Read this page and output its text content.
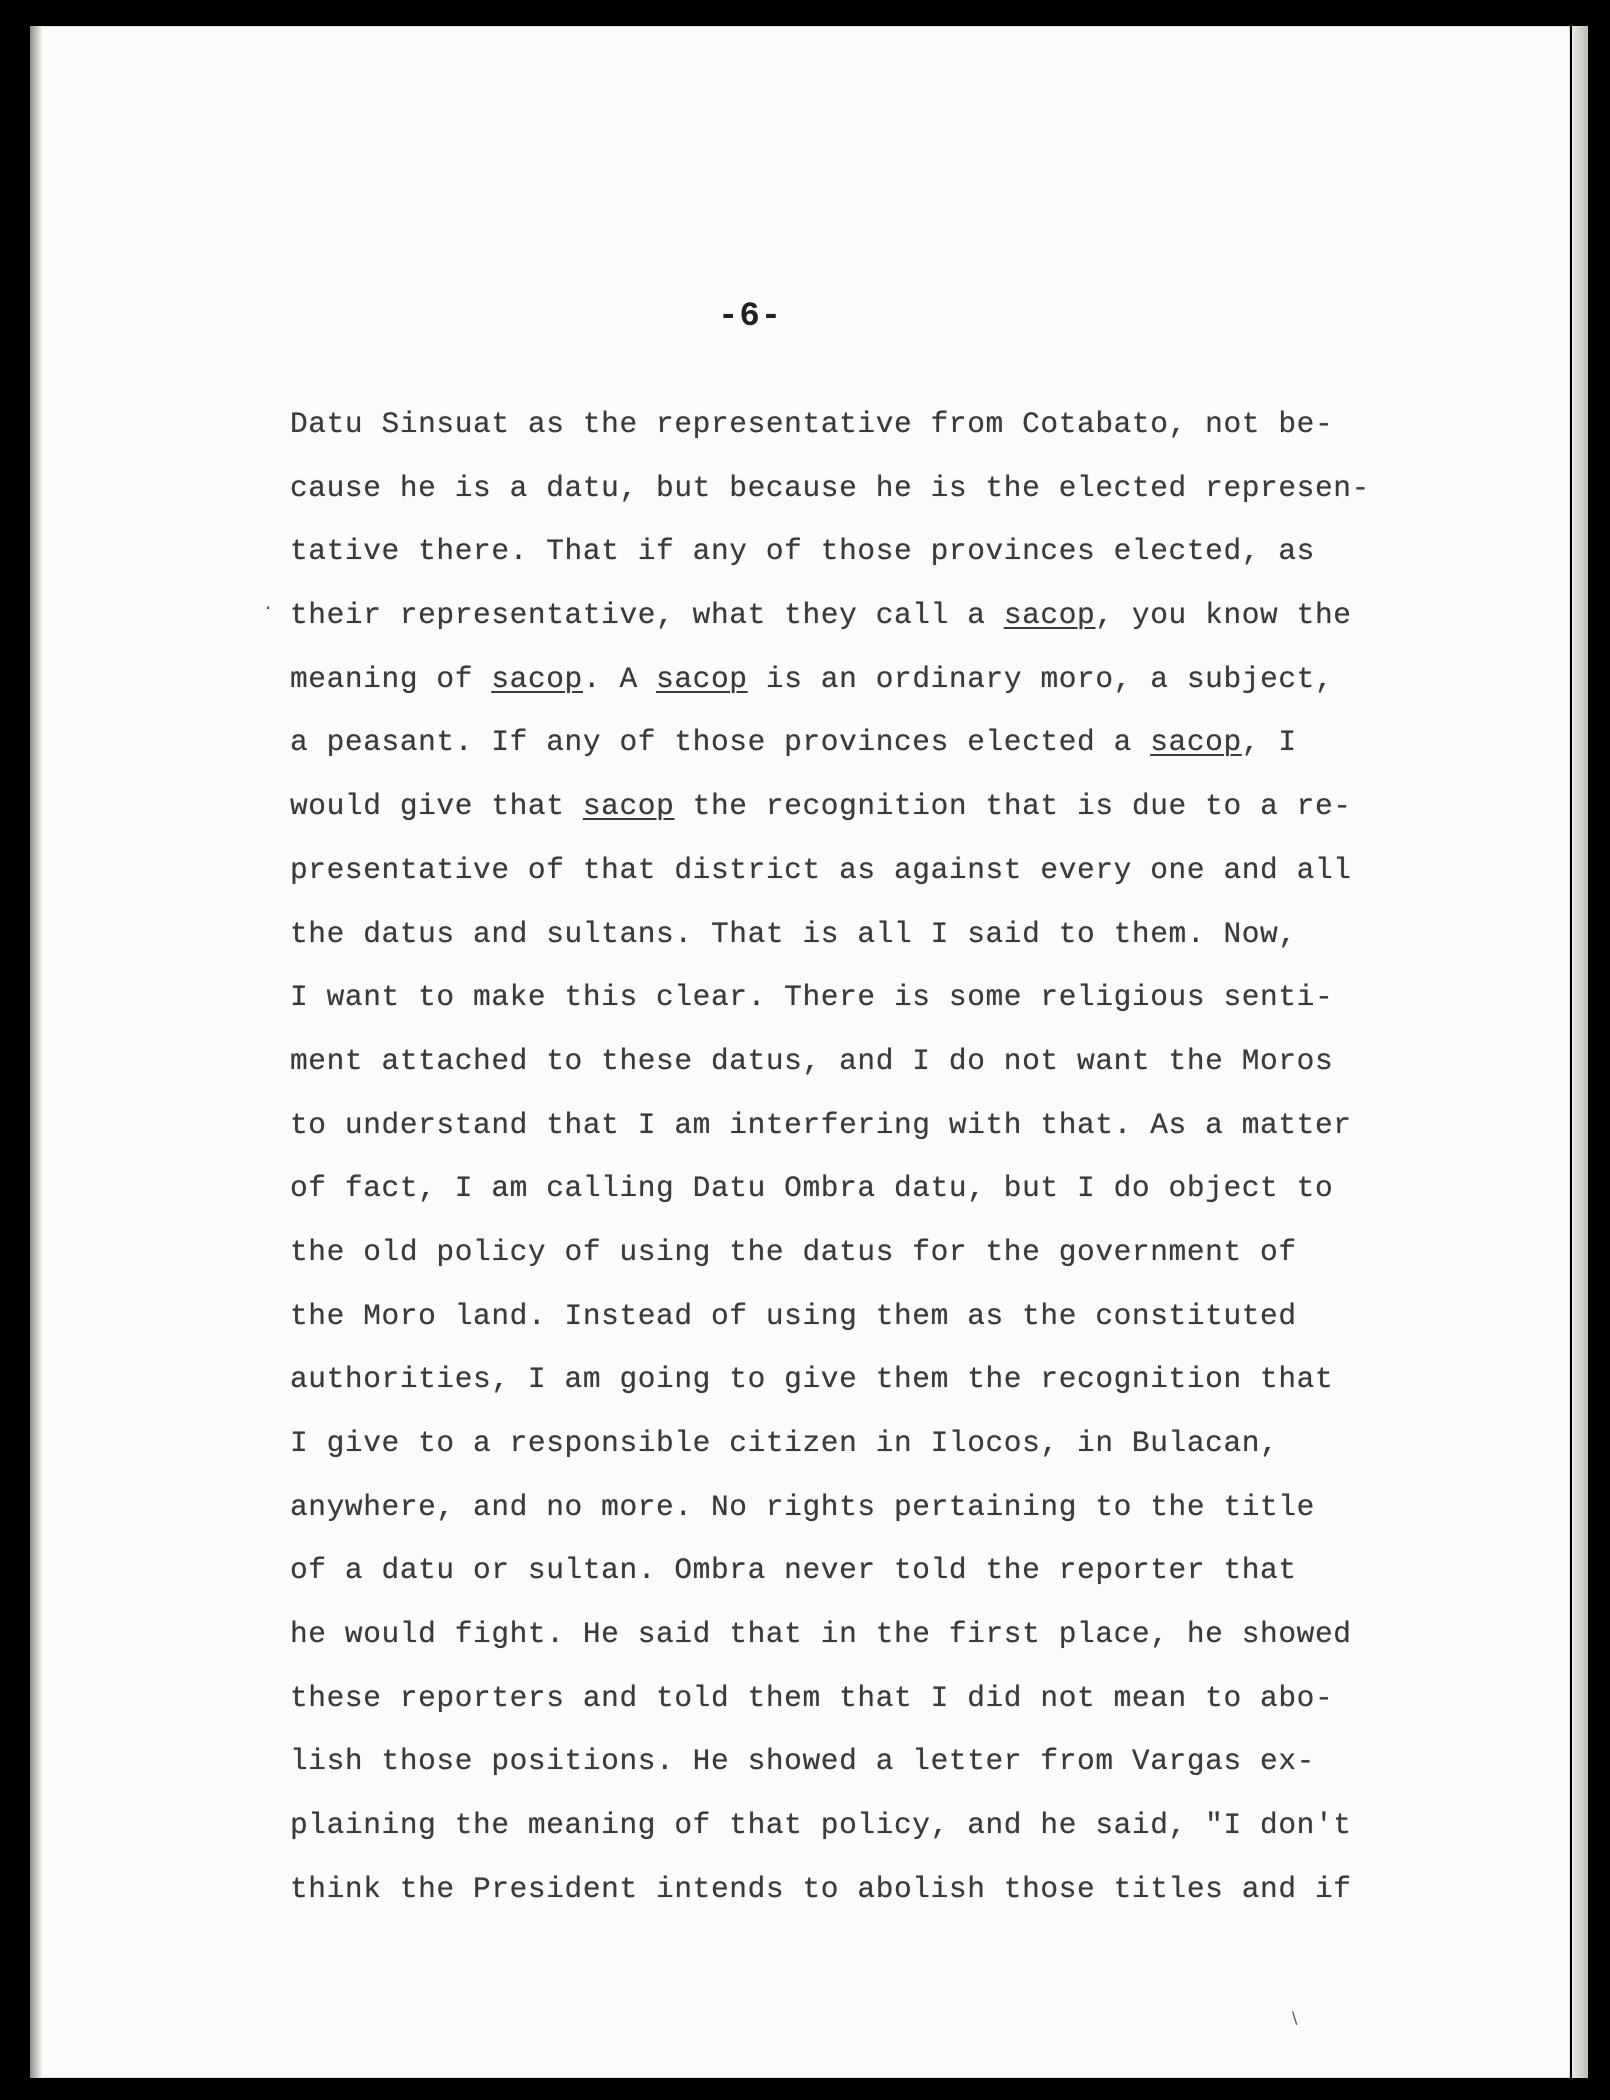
-6-
Datu Sinsuat as the representative from Cotabato, not be-
cause he is a datu, but because he is the elected represen-
tative there. That if any of those provinces elected, as
their representative, what they call a sacop, you know the
meaning of sacop. A sacop is an ordinary moro, a subject,
a peasant. If any of those provinces elected a sacop, I
would give that sacop the recognition that is due to a re-
presentative of that district as against every one and all
the datus and sultans. That is all I said to them. Now,
I want to make this clear. There is some religious senti-
ment attached to these datus, and I do not want the Moros
to understand that I am interfering with that. As a matter
of fact, I am calling Datu Ombra datu, but I do object to
the old policy of using the datus for the government of
the Moro land. Instead of using them as the constituted
authorities, I am going to give them the recognition that
I give to a responsible citizen in Ilocos, in Bulacan,
anywhere, and no more. No rights pertaining to the title
of a datu or sultan. Ombra never told the reporter that
he would fight. He said that in the first place, he showed
these reporters and told them that I did not mean to abo-
lish those positions. He showed a letter from Vargas ex-
plaining the meaning of that policy, and he said, "I don't
think the President intends to abolish those titles and if
.
\
